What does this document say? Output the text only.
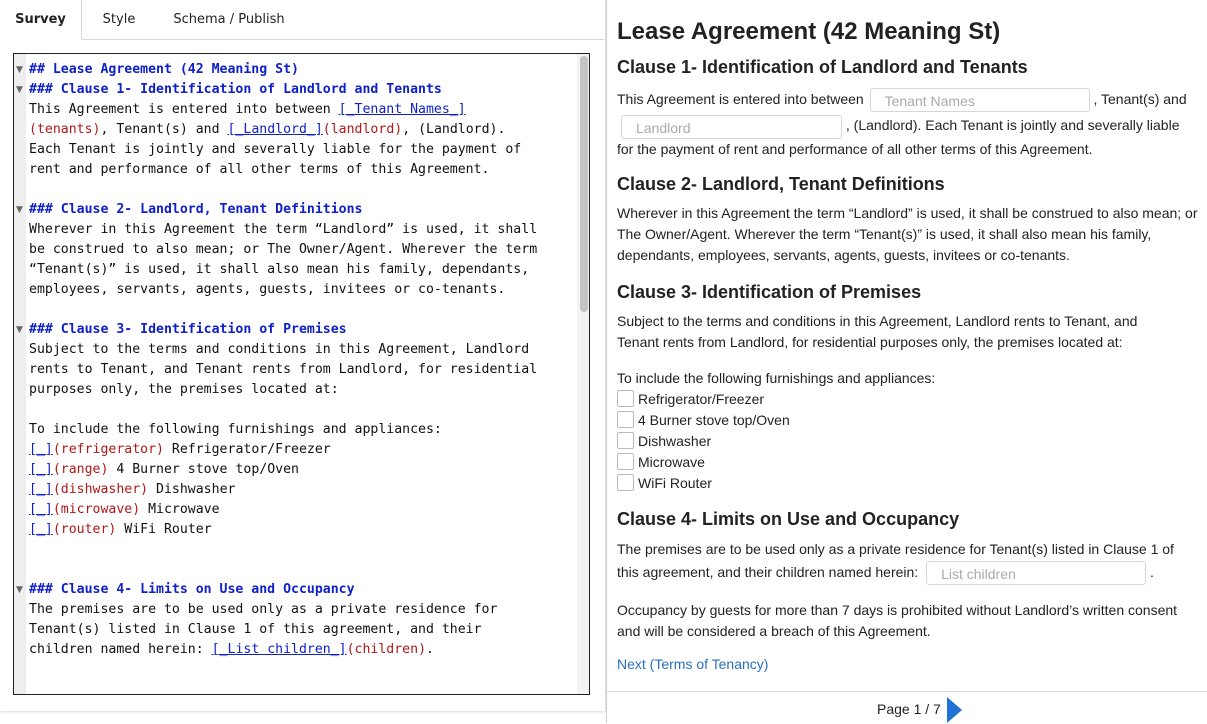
Survey	Style	Schema / Publish
▼
▼
▼
▼
▼
## Lease Agreement (42 Meaning St)
### Clause 1- Identification of Landlord and Tenants
This Agreement is entered into between [_Tenant Names_]
(tenants), Tenant(s) and [_Landlord_](landlord), (Landlord).
Each Tenant is jointly and severally liable for the payment of
rent and performance of all other terms of this Agreement.

### Clause 2- Landlord, Tenant Definitions
Wherever in this Agreement the term “Landlord” is used, it shall
be construed to also mean; or The Owner/Agent. Wherever the term
“Tenant(s)” is used, it shall also mean his family, dependants,
employees, servants, agents, guests, invitees or co-tenants.

### Clause 3- Identification of Premises
Subject to the terms and conditions in this Agreement, Landlord
rents to Tenant, and Tenant rents from Landlord, for residential
purposes only, the premises located at:

To include the following furnishings and appliances:
[_](refrigerator) Refrigerator/Freezer
[_](range) 4 Burner stove top/Oven
[_](dishwasher) Dishwasher
[_](microwave) Microwave
[_](router) WiFi Router

### Clause 4- Limits on Use and Occupancy
The premises are to be used only as a private residence for
Tenant(s) listed in Clause 1 of this agreement, and their
children named herein: [_List children_](children).
Lease Agreement (42 Meaning St)
Clause 1- Identification of Landlord and Tenants
This Agreement is entered into between Tenant Names	, Tenant(s) and
Landlord	, (Landlord). Each Tenant is jointly and severally liable
for the payment of rent and performance of all other terms of this Agreement.
Clause 2- Landlord, Tenant Definitions
Wherever in this Agreement the term “Landlord” is used, it shall be construed to also mean; or The Owner/Agent. Wherever the term “Tenant(s)” is used, it shall also mean his family, dependants, employees, servants, agents, guests, invitees or co-tenants.
Clause 3- Identification of Premises
Subject to the terms and conditions in this Agreement, Landlord rents to Tenant, and Tenant rents from Landlord, for residential purposes only, the premises located at:
To include the following furnishings and appliances:
Refrigerator/Freezer
4 Burner stove top/Oven
Dishwasher
Microwave
WiFi Router
Clause 4- Limits on Use and Occupancy
The premises are to be used only as a private residence for Tenant(s) listed in Clause 1 of this agreement, and their children named herein: List children	.
Occupancy by guests for more than 7 days is prohibited without Landlord’s written consent and will be considered a breach of this Agreement.
Next (Terms of Tenancy)
Page 1 / 7
